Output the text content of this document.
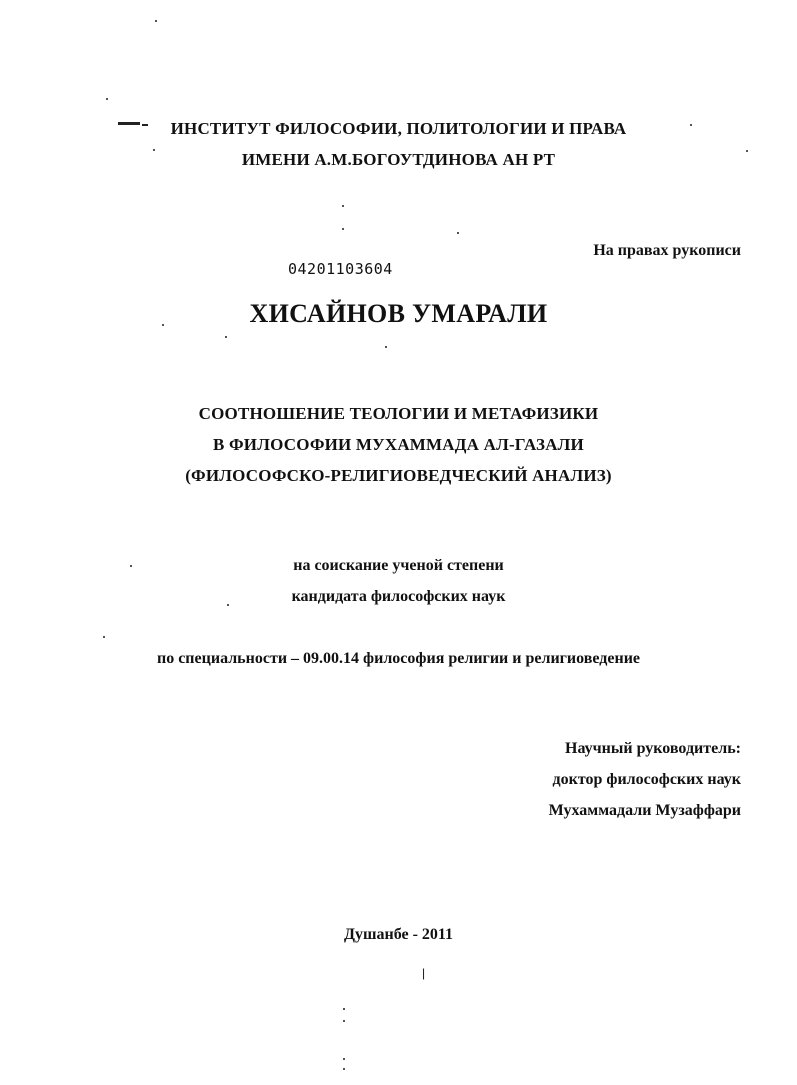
ИНСТИТУТ ФИЛОСОФИИ, ПОЛИТОЛОГИИ И ПРАВА
ИМЕНИ А.М.БОГОУТДИНОВА АН РТ
На правах рукописи
04201103604
ХИСАЙНОВ УМАРАЛИ
СООТНОШЕНИЕ ТЕОЛОГИИ И МЕТАФИЗИКИ
В ФИЛОСОФИИ МУХАММАДА АЛ-ГАЗАЛИ
(ФИЛОСОФСКО-РЕЛИГИОВЕДЧЕСКИЙ АНАЛИЗ)
на соискание ученой степени
кандидата философских наук
по специальности – 09.00.14 философия религии и религиоведение
Научный руководитель:
доктор философских наук
Мухаммадали Музаффари
Душанбе - 2011
|
